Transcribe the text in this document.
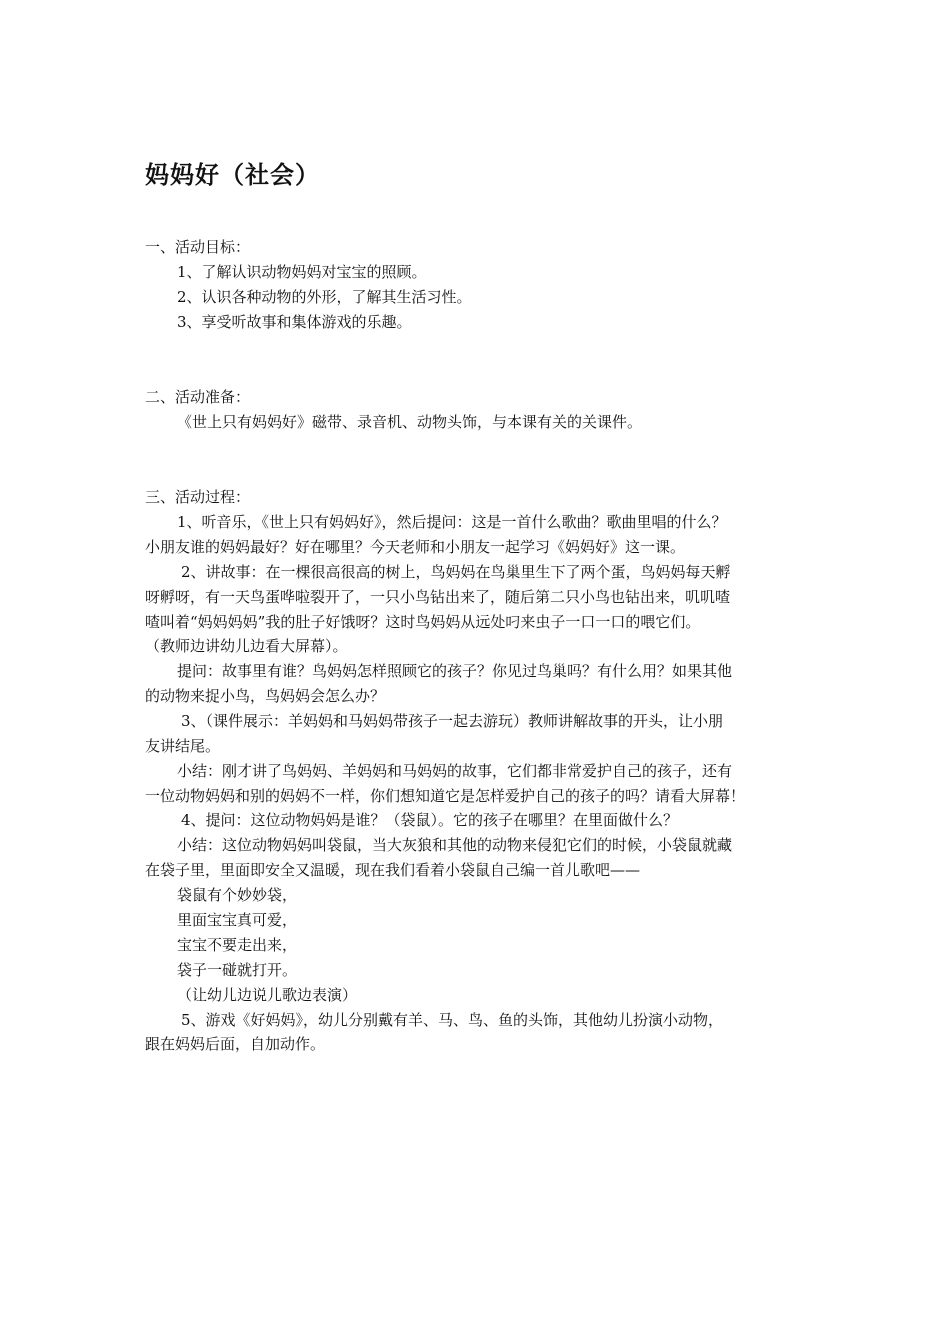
妈妈好（社会）
一、活动目标：
1、了解认识动物妈妈对宝宝的照顾。
2、认识各种动物的外形，了解其生活习性。
3、享受听故事和集体游戏的乐趣。
二、活动准备：
《世上只有妈妈好》磁带、录音机、动物头饰，与本课有关的关课件。
三、活动过程：
1、听音乐，《世上只有妈妈好》，然后提问：这是一首什么歌曲？歌曲里唱的什么？
小朋友谁的妈妈最好？好在哪里？今天老师和小朋友一起学习《妈妈好》这一课。
2、讲故事：在一棵很高很高的树上，鸟妈妈在鸟巢里生下了两个蛋，鸟妈妈每天孵
呀孵呀，有一天鸟蛋哗啦裂开了，一只小鸟钻出来了，随后第二只小鸟也钻出来，叽叽喳
喳叫着“妈妈妈妈”我的肚子好饿呀？这时鸟妈妈从远处叼来虫子一口一口的喂它们。
（教师边讲幼儿边看大屏幕）。
提问：故事里有谁？鸟妈妈怎样照顾它的孩子？你见过鸟巢吗？有什么用？如果其他
的动物来捉小鸟，鸟妈妈会怎么办？
3、（课件展示：羊妈妈和马妈妈带孩子一起去游玩）教师讲解故事的开头，让小朋
友讲结尾。
小结：刚才讲了鸟妈妈、羊妈妈和马妈妈的故事，它们都非常爱护自己的孩子，还有
一位动物妈妈和别的妈妈不一样，你们想知道它是怎样爱护自己的孩子的吗？请看大屏幕！
4、提问：这位动物妈妈是谁？（袋鼠）。它的孩子在哪里？在里面做什么？
小结：这位动物妈妈叫袋鼠，当大灰狼和其他的动物来侵犯它们的时候，小袋鼠就藏
在袋子里，里面即安全又温暖，现在我们看着小袋鼠自己编一首儿歌吧——
袋鼠有个妙妙袋，
里面宝宝真可爱，
宝宝不要走出来，
袋子一碰就打开。
（让幼儿边说儿歌边表演）
5、游戏《好妈妈》，幼儿分别戴有羊、马、鸟、鱼的头饰，其他幼儿扮演小动物，
跟在妈妈后面，自加动作。
